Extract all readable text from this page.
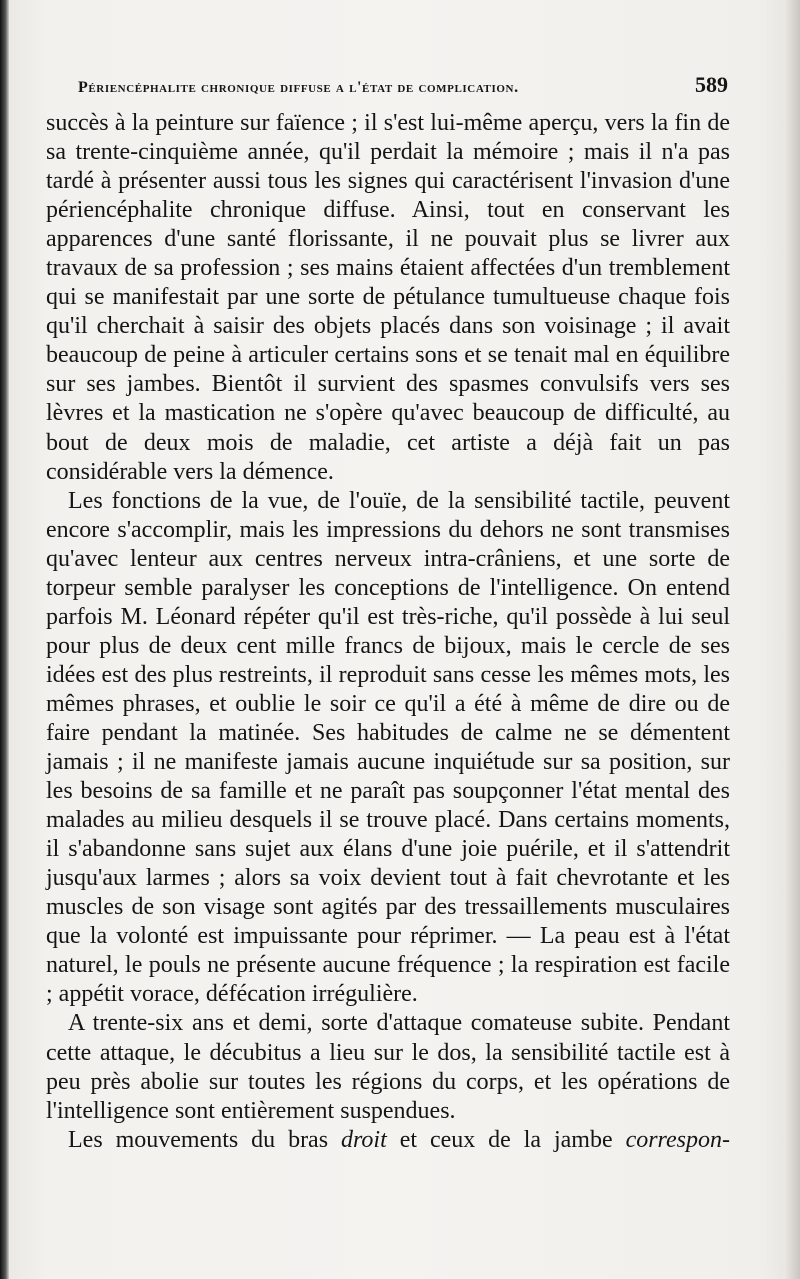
Périencéphalite chronique diffuse a l'état de complication.	589

succès à la peinture sur faïence ; il s'est lui-même aperçu, vers la fin de sa trente-cinquième année, qu'il perdait la mémoire ; mais il n'a pas tardé à présenter aussi tous les signes qui caractérisent l'invasion d'une périencéphalite chronique diffuse. Ainsi, tout en conservant les apparences d'une santé florissante, il ne pouvait plus se livrer aux travaux de sa profession ; ses mains étaient affectées d'un tremblement qui se manifestait par une sorte de pétulance tumultueuse chaque fois qu'il cherchait à saisir des objets placés dans son voisinage ; il avait beaucoup de peine à articuler certains sons et se tenait mal en équilibre sur ses jambes. Bientôt il survient des spasmes convulsifs vers ses lèvres et la mastication ne s'opère qu'avec beaucoup de difficulté, au bout de deux mois de maladie, cet artiste a déjà fait un pas considérable vers la démence.

Les fonctions de la vue, de l'ouïe, de la sensibilité tactile, peuvent encore s'accomplir, mais les impressions du dehors ne sont transmises qu'avec lenteur aux centres nerveux intra-crâniens, et une sorte de torpeur semble paralyser les conceptions de l'intelligence. On entend parfois M. Léonard répéter qu'il est très-riche, qu'il possède à lui seul pour plus de deux cent mille francs de bijoux, mais le cercle de ses idées est des plus restreints, il reproduit sans cesse les mêmes mots, les mêmes phrases, et oublie le soir ce qu'il a été à même de dire ou de faire pendant la matinée. Ses habitudes de calme ne se démentent jamais ; il ne manifeste jamais aucune inquiétude sur sa position, sur les besoins de sa famille et ne paraît pas soupçonner l'état mental des malades au milieu desquels il se trouve placé. Dans certains moments, il s'abandonne sans sujet aux élans d'une joie puérile, et il s'attendrit jusqu'aux larmes ; alors sa voix devient tout à fait chevrotante et les muscles de son visage sont agités par des tressaillements musculaires que la volonté est impuissante pour réprimer. — La peau est à l'état naturel, le pouls ne présente aucune fréquence ; la respiration est facile ; appétit vorace, défécation irrégulière.

A trente-six ans et demi, sorte d'attaque comateuse subite. Pendant cette attaque, le décubitus a lieu sur le dos, la sensibilité tactile est à peu près abolie sur toutes les régions du corps, et les opérations de l'intelligence sont entièrement suspendues.

Les mouvements du bras droit et ceux de la jambe correspon-
